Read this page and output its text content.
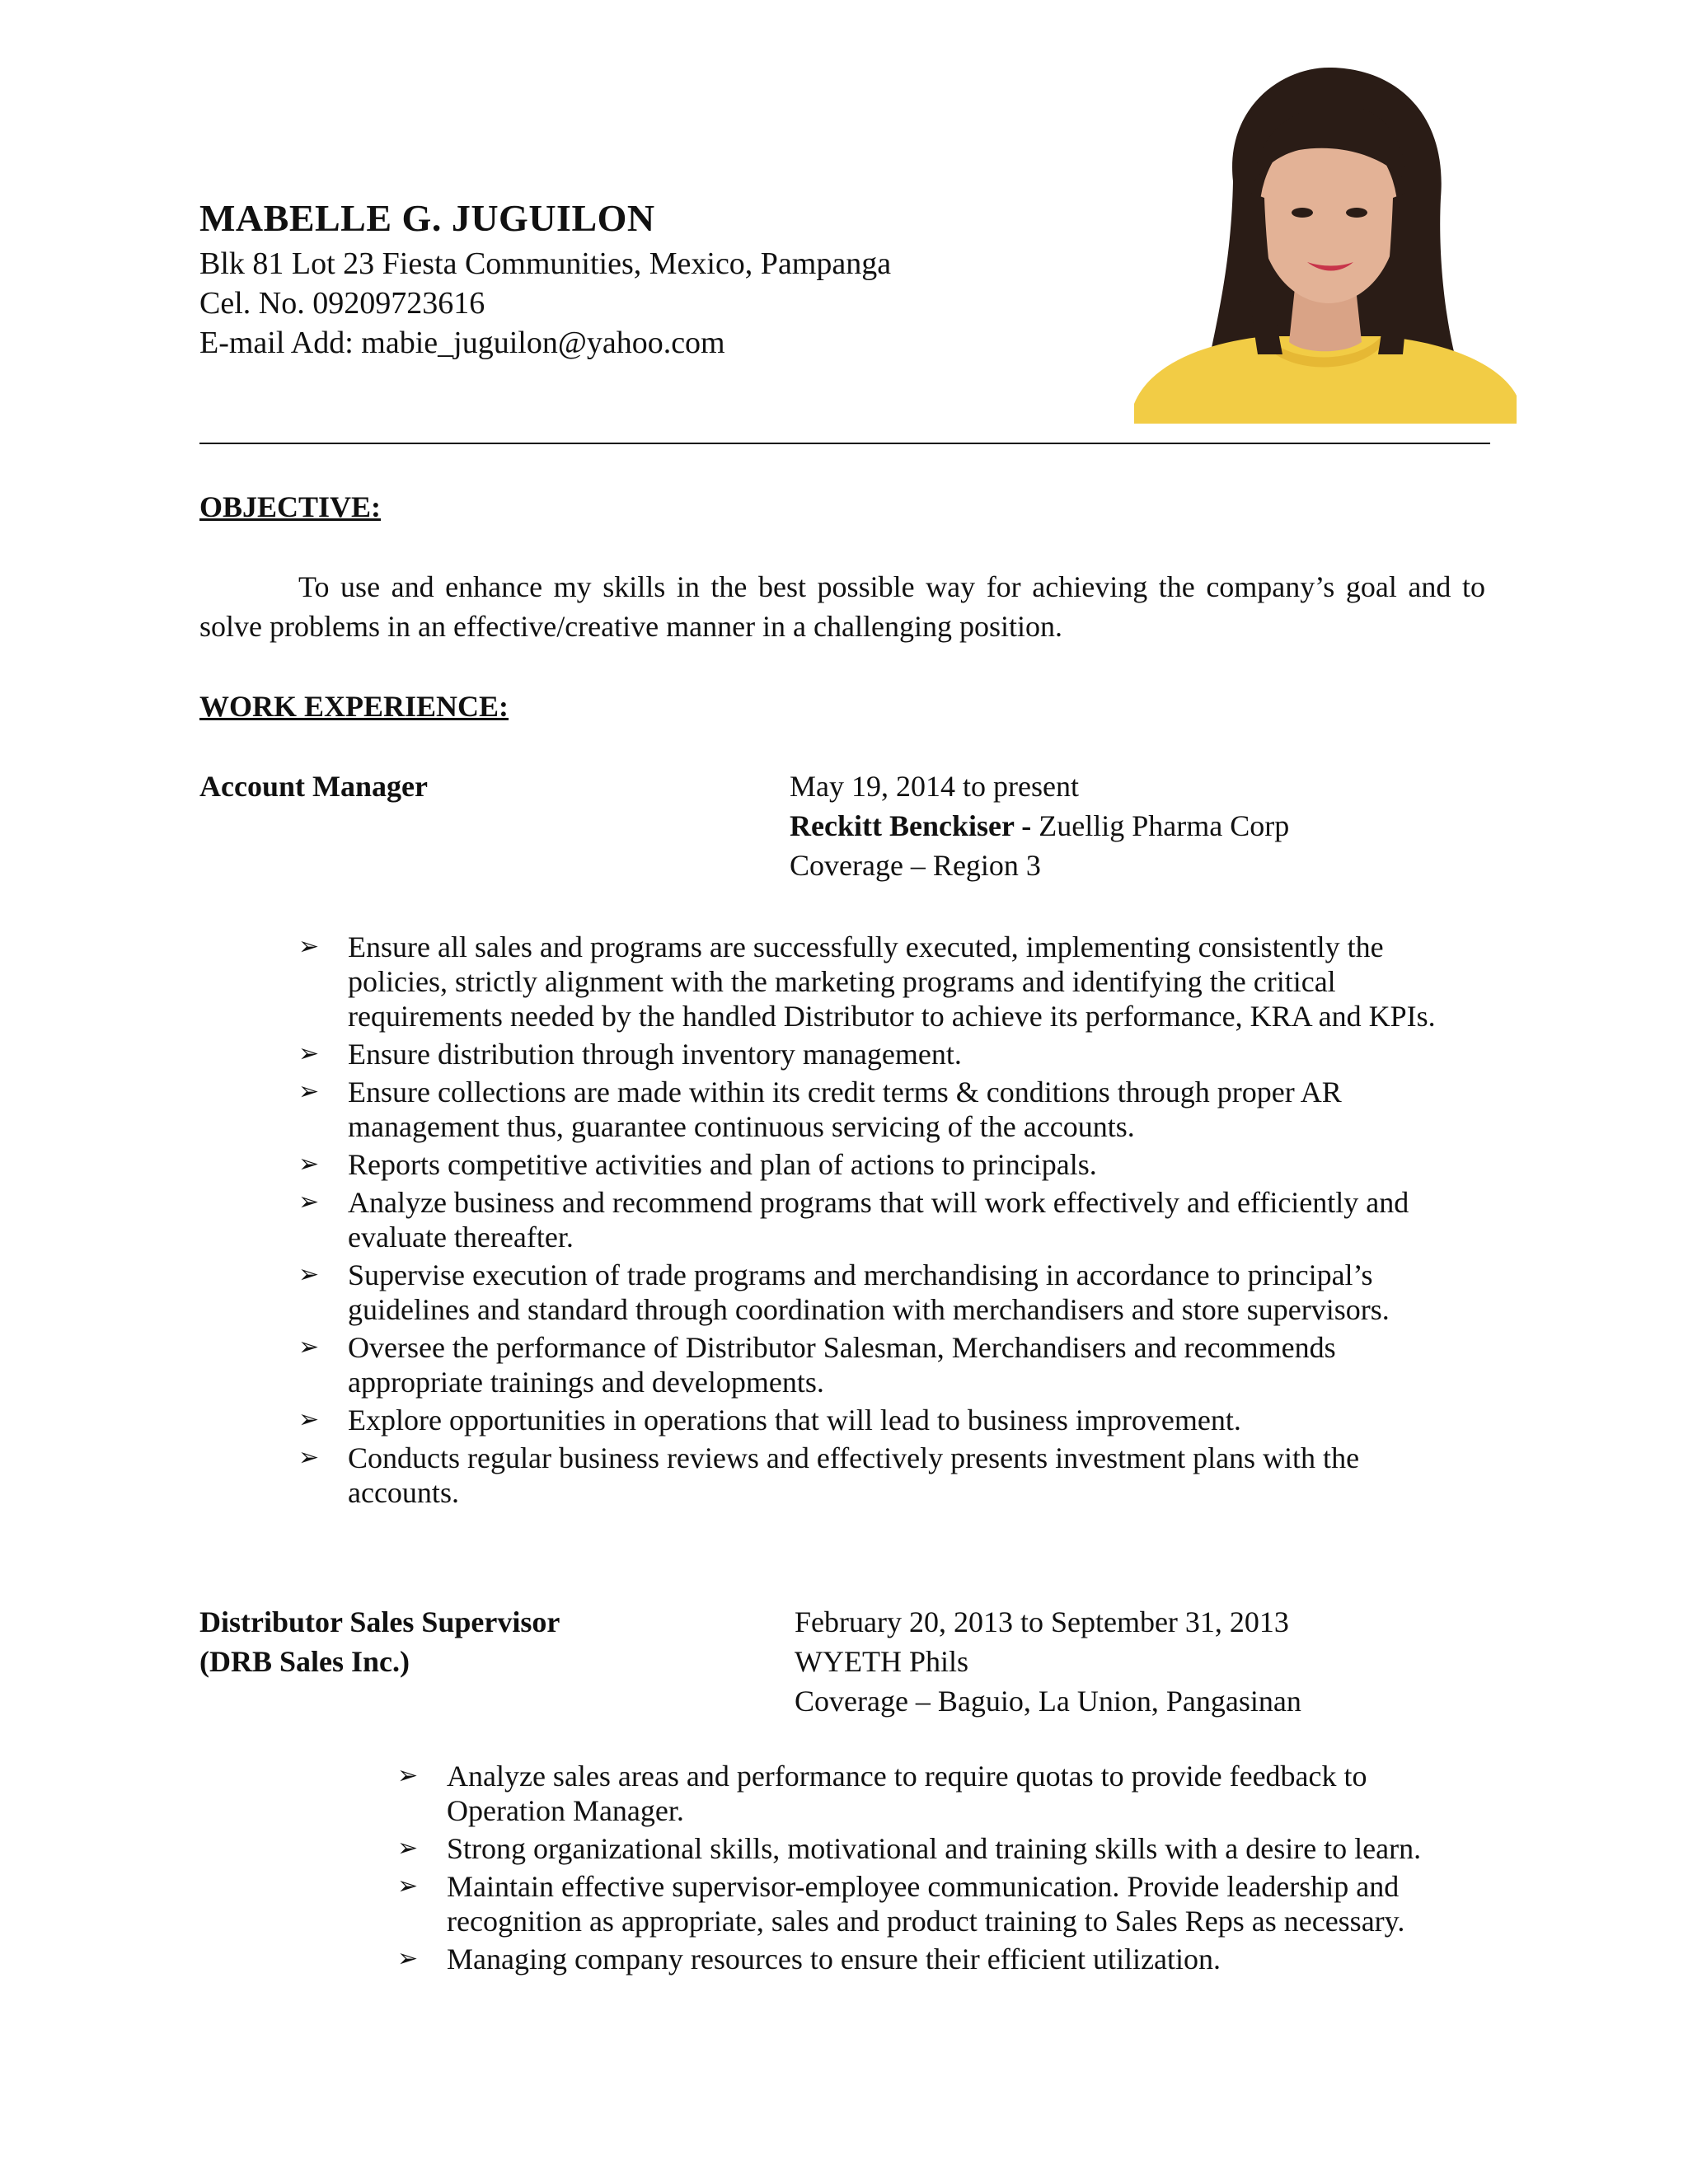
MABELLE G. JUGUILON
Blk 81 Lot 23 Fiesta Communities, Mexico, Pampanga
Cel. No. 09209723616
E-mail Add: mabie_juguilon@yahoo.com
OBJECTIVE:
To use and enhance my skills in the best possible way for achieving the company’s goal and to solve problems in an effective/creative manner in a challenging position.
WORK EXPERIENCE:
Account Manager	May 19, 2014 to present
Reckitt Benckiser - Zuellig Pharma Corp
Coverage – Region 3
➢ Ensure all sales and programs are successfully executed, implementing consistently the policies, strictly alignment with the marketing programs and identifying the critical requirements needed by the handled Distributor to achieve its performance, KRA and KPIs.
➢ Ensure distribution through inventory management.
➢ Ensure collections are made within its credit terms & conditions through proper AR management thus, guarantee continuous servicing of the accounts.
➢ Reports competitive activities and plan of actions to principals.
➢ Analyze business and recommend programs that will work effectively and efficiently and evaluate thereafter.
➢ Supervise execution of trade programs and merchandising in accordance to principal’s guidelines and standard through coordination with merchandisers and store supervisors.
➢ Oversee the performance of Distributor Salesman, Merchandisers and recommends appropriate trainings and developments.
➢ Explore opportunities in operations that will lead to business improvement.
➢ Conducts regular business reviews and effectively presents investment plans with the accounts.
Distributor Sales Supervisor
(DRB Sales Inc.)
February 20, 2013 to September 31, 2013
WYETH Phils
Coverage – Baguio, La Union, Pangasinan
➢ Analyze sales areas and performance to require quotas to provide feedback to Operation Manager.
➢ Strong organizational skills, motivational and training skills with a desire to learn.
➢ Maintain effective supervisor-employee communication. Provide leadership and recognition as appropriate, sales and product training to Sales Reps as necessary.
➢ Managing company resources to ensure their efficient utilization.
